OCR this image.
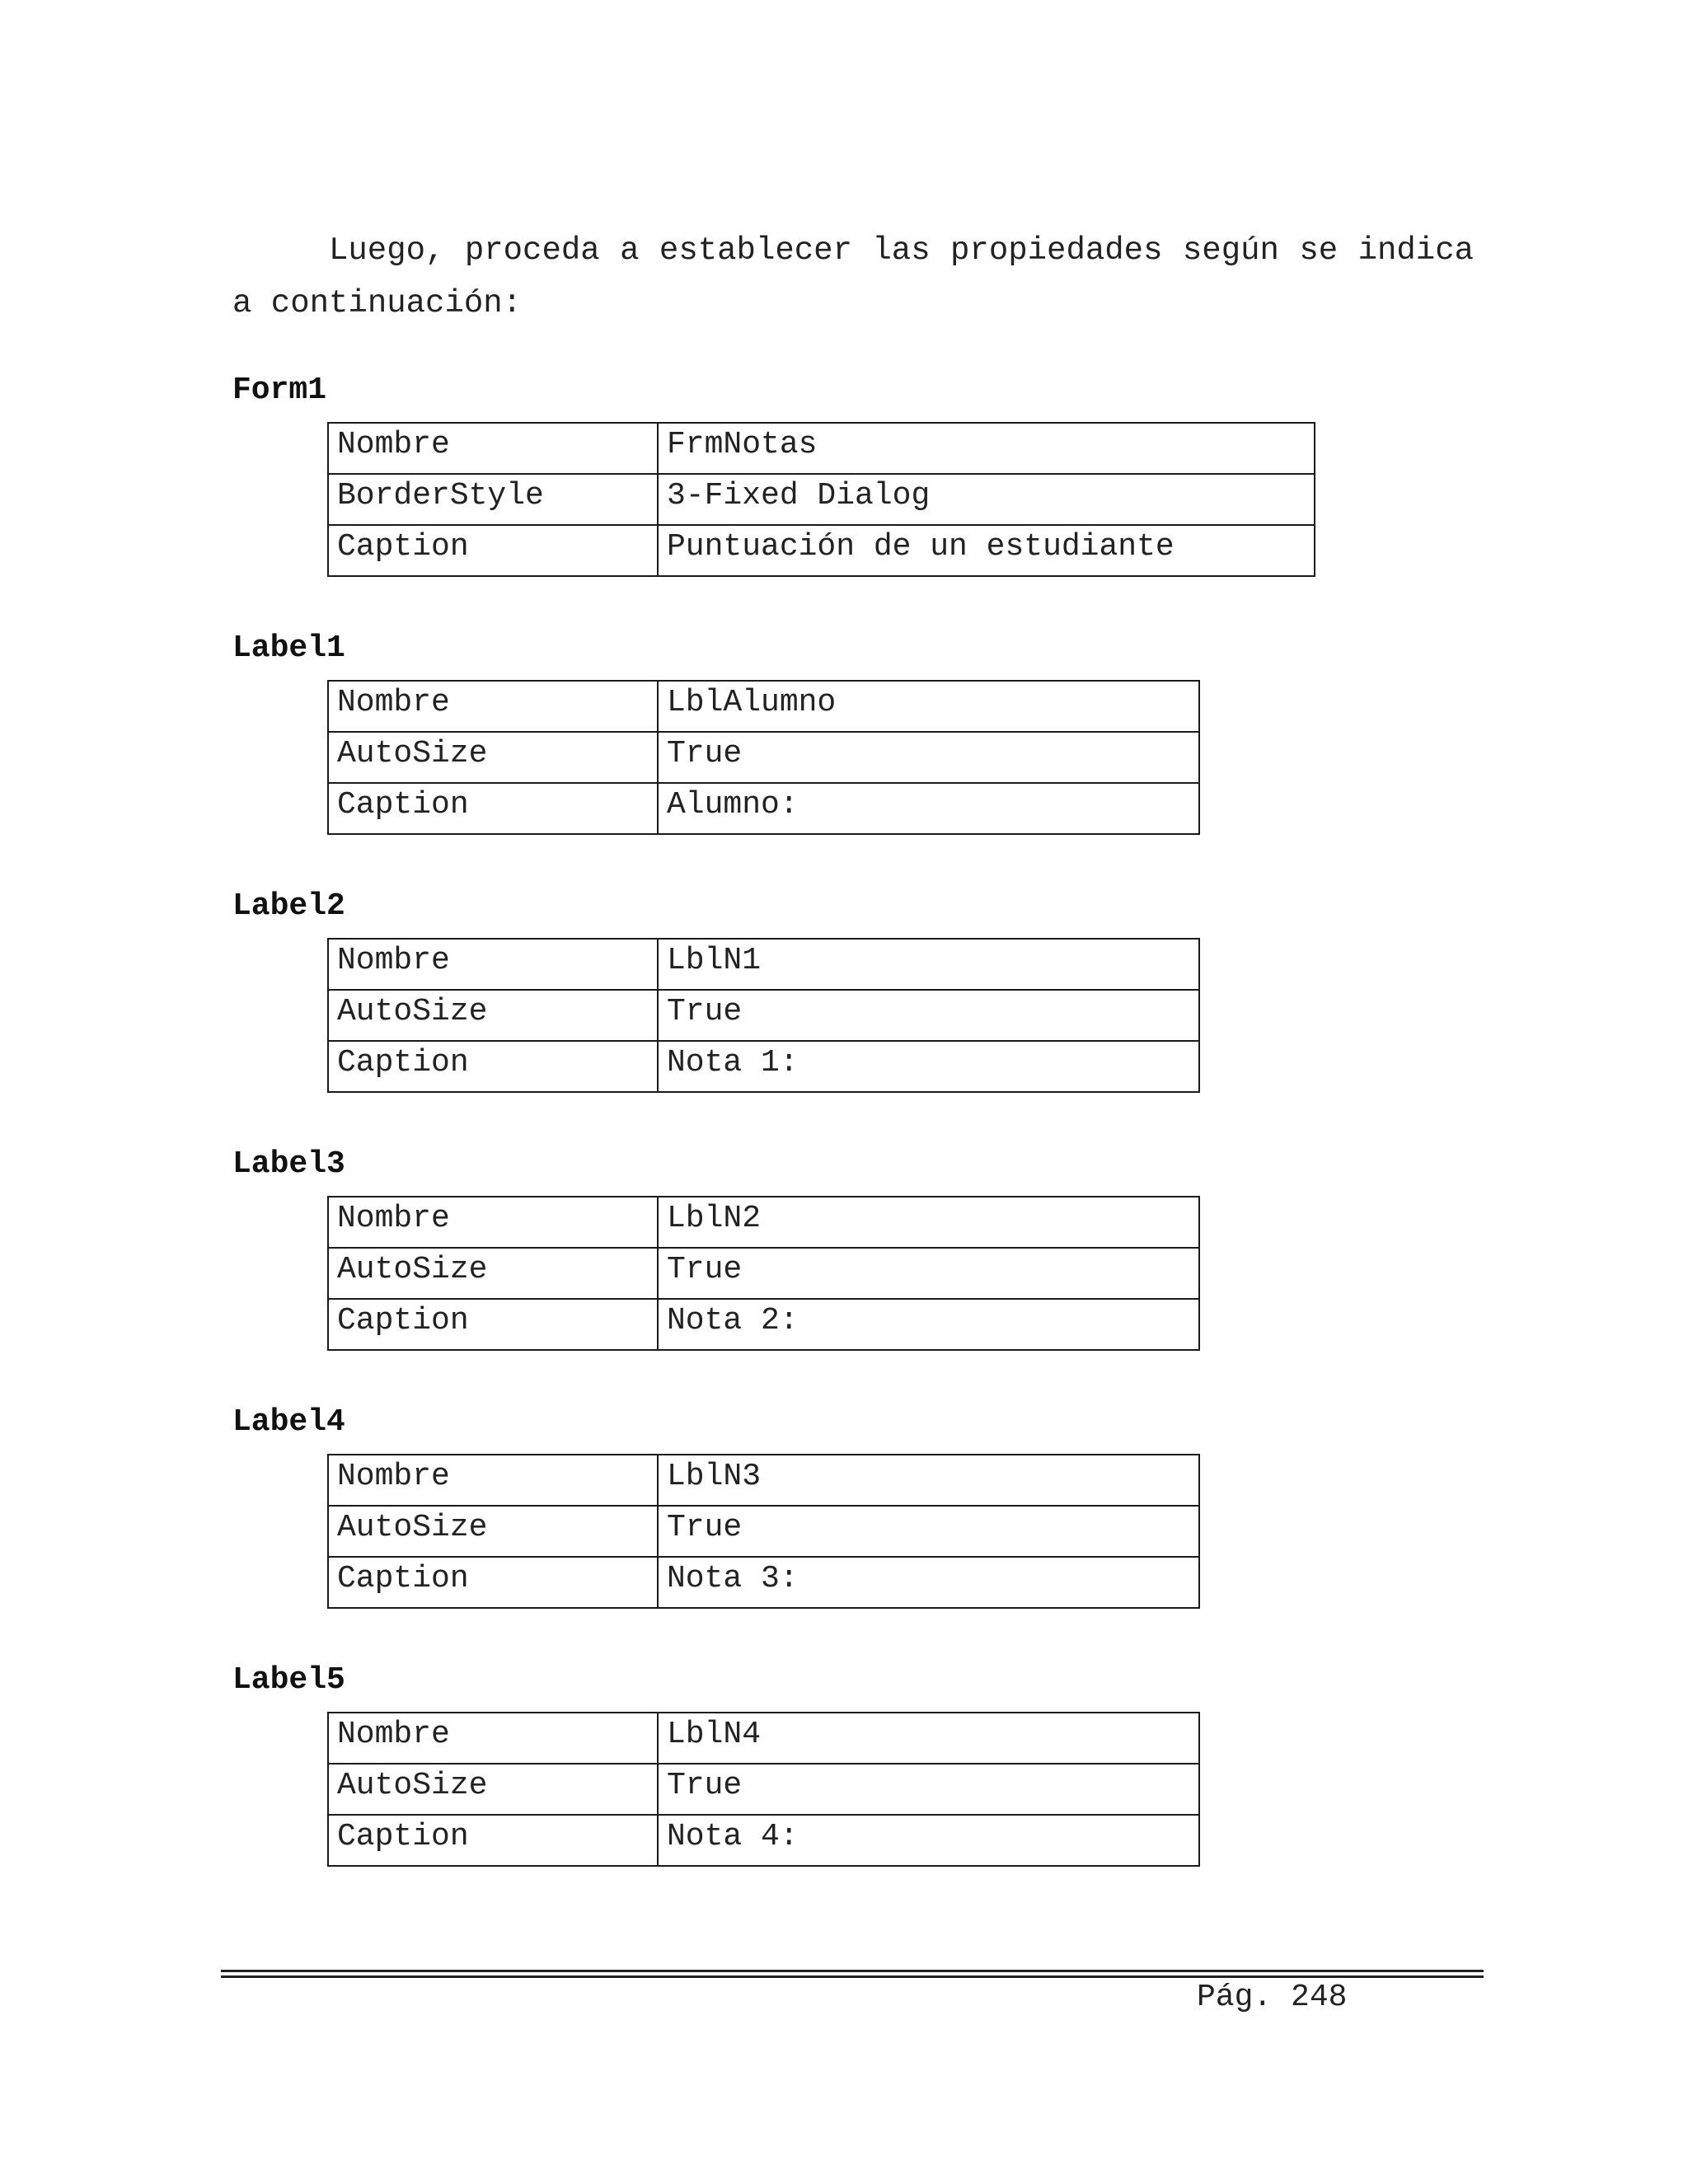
Luego, proceda a establecer las propiedades según se indica a continuación:

Form1

Nombre	FrmNotas
BorderStyle	3-Fixed Dialog
Caption	Puntuación de un estudiante

Label1

Nombre	LblAlumno
AutoSize	True
Caption	Alumno:

Label2

Nombre	LblN1
AutoSize	True
Caption	Nota 1:

Label3

Nombre	LblN2
AutoSize	True
Caption	Nota 2:

Label4

Nombre	LblN3
AutoSize	True
Caption	Nota 3:

Label5

Nombre	LblN4
AutoSize	True
Caption	Nota 4:

Pág. 248
